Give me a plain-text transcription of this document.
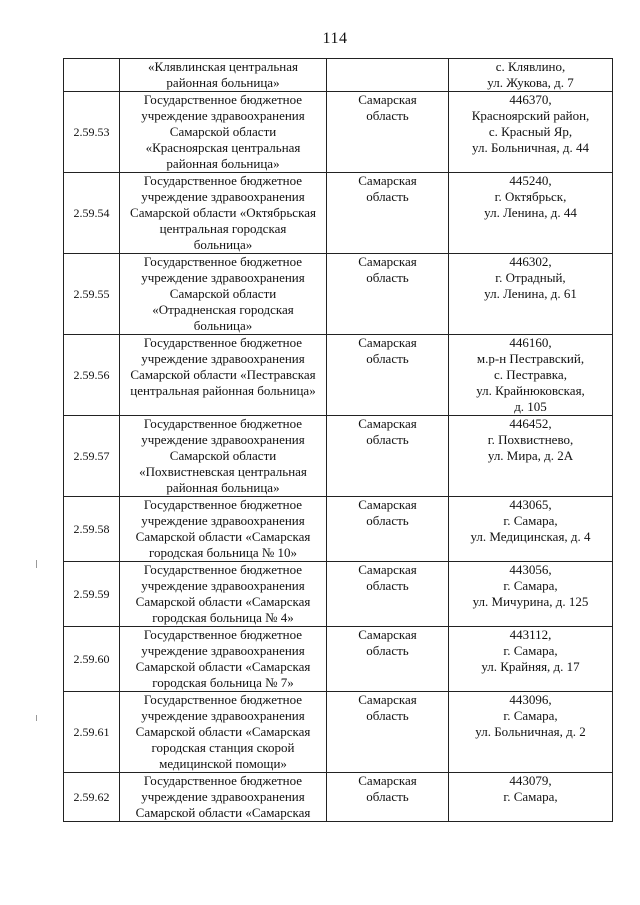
114

	«Клявлинская центральная
районная больница»		с. Клявлино,
ул. Жукова, д. 7

2.59.53	Государственное бюджетное
учреждение здравоохранения
Самарской области
«Красноярская центральная
районная больница»	Самарская
область	446370,
Красноярский район,
с. Красный Яр,
ул. Больничная, д. 44

2.59.54	Государственное бюджетное
учреждение здравоохранения
Самарской области «Октябрьская
центральная городская
больница»	Самарская
область	445240,
г. Октябрьск,
ул. Ленина, д. 44

2.59.55	Государственное бюджетное
учреждение здравоохранения
Самарской области
«Отрадненская городская
больница»	Самарская
область	446302,
г. Отрадный,
ул. Ленина, д. 61

2.59.56	Государственное бюджетное
учреждение здравоохранения
Самарской области «Пестравская
центральная районная больница»	Самарская
область	446160,
м.р-н Пестравский,
с. Пестравка,
ул. Крайнюковская,
д. 105

2.59.57	Государственное бюджетное
учреждение здравоохранения
Самарской области
«Похвистневская центральная
районная больница»	Самарская
область	446452,
г. Похвистнево,
ул. Мира, д. 2А

2.59.58	Государственное бюджетное
учреждение здравоохранения
Самарской области «Самарская
городская больница № 10»	Самарская
область	443065,
г. Самара,
ул. Медицинская, д. 4

2.59.59	Государственное бюджетное
учреждение здравоохранения
Самарской области «Самарская
городская больница № 4»	Самарская
область	443056,
г. Самара,
ул. Мичурина, д. 125

2.59.60	Государственное бюджетное
учреждение здравоохранения
Самарской области «Самарская
городская больница № 7»	Самарская
область	443112,
г. Самара,
ул. Крайняя, д. 17

2.59.61	Государственное бюджетное
учреждение здравоохранения
Самарской области «Самарская
городская станция скорой
медицинской помощи»	Самарская
область	443096,
г. Самара,
ул. Больничная, д. 2

2.59.62	Государственное бюджетное
учреждение здравоохранения
Самарской области «Самарская	Самарская
область	443079,
г. Самара,
